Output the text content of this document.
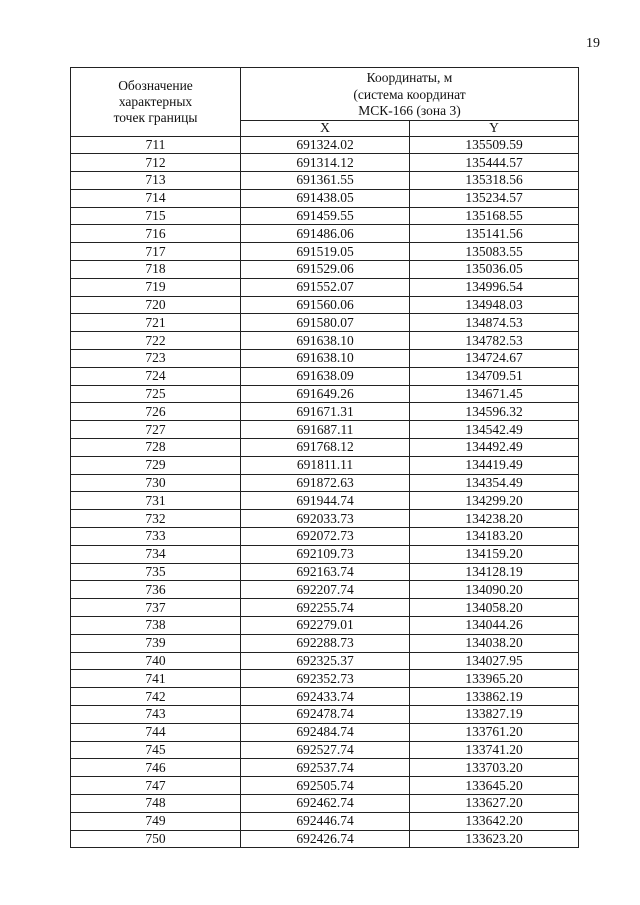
19
Обозначение
характерных
точек границы	Координаты, м
(система координат
МСК-166 (зона 3)	

	X	Y
711	691324.02	135509.59
712	691314.12	135444.57
713	691361.55	135318.56
714	691438.05	135234.57
715	691459.55	135168.55
716	691486.06	135141.56
717	691519.05	135083.55
718	691529.06	135036.05
719	691552.07	134996.54
720	691560.06	134948.03
721	691580.07	134874.53
722	691638.10	134782.53
723	691638.10	134724.67
724	691638.09	134709.51
725	691649.26	134671.45
726	691671.31	134596.32
727	691687.11	134542.49
728	691768.12	134492.49
729	691811.11	134419.49
730	691872.63	134354.49
731	691944.74	134299.20
732	692033.73	134238.20
733	692072.73	134183.20
734	692109.73	134159.20
735	692163.74	134128.19
736	692207.74	134090.20
737	692255.74	134058.20
738	692279.01	134044.26
739	692288.73	134038.20
740	692325.37	134027.95
741	692352.73	133965.20
742	692433.74	133862.19
743	692478.74	133827.19
744	692484.74	133761.20
745	692527.74	133741.20
746	692537.74	133703.20
747	692505.74	133645.20
748	692462.74	133627.20
749	692446.74	133642.20
750	692426.74	133623.20
